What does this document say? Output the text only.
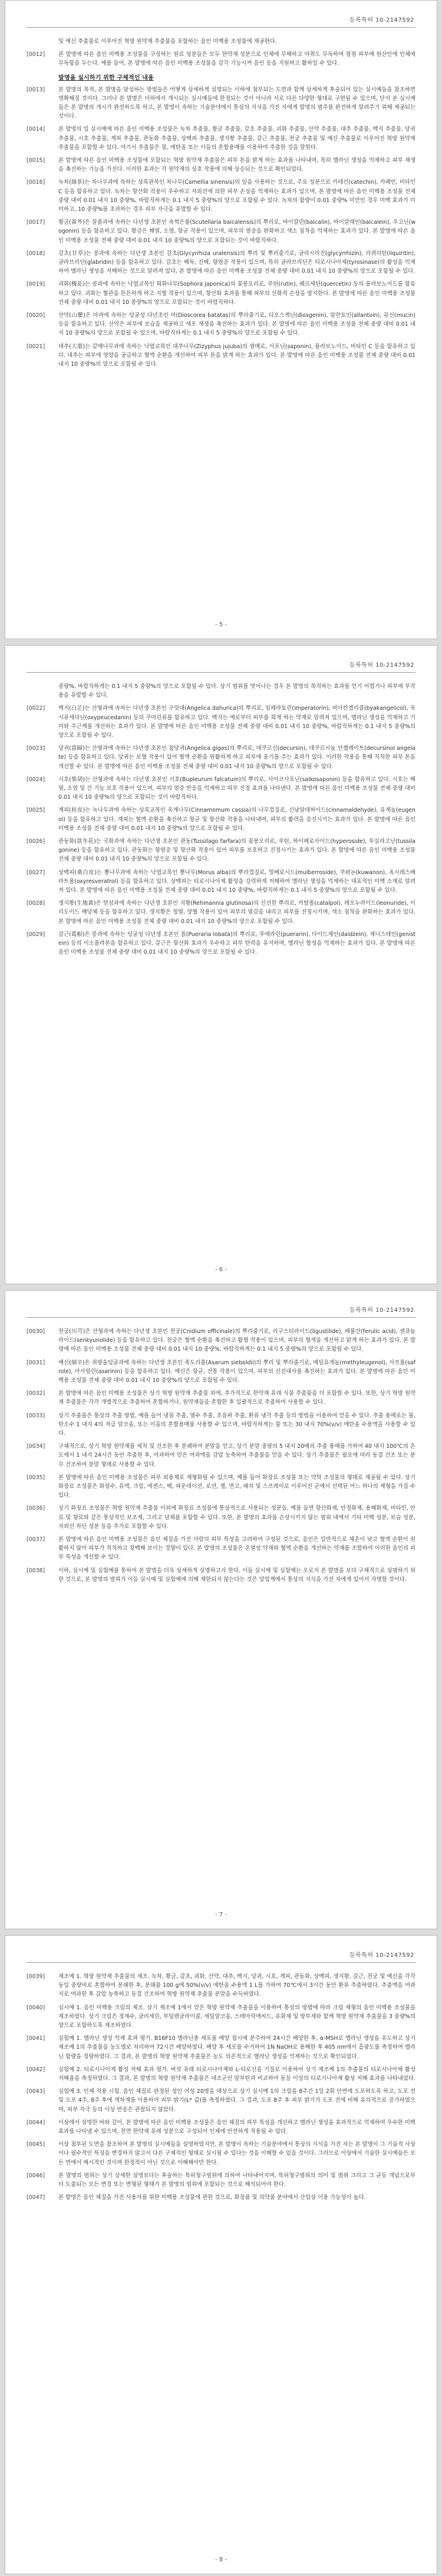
등록특허 10-2147592
및 예신 추출물로 이루어진 혁방 원약재 추출물을 포함하는 음인 미백용 조성물에 제공한다.
[0012] 본 발명에 따른 음인 미백용 조성물을 구성하는 원료 성분들은 모두 한약재 성분으로 인체에 무해하고 마취도 무독하며 점점 피부에 원산인에 인체에 무독함을 두는다. 예를 들어, 본 발명에 따른 음인 미백용 조성물을 감각 기능시켜 음인 등을 지원하고 활하일 수 있다.
발명을 실시하기 위한 구체적인 내용
[0013] 본 발명의 목적, 본 발명을 달성하는 방법들은 어떻게 상세하게 설명되는 이하에 첨부되는 도면과 함께 상세하게 후술되어 있는 실시예들을 참조하면 명확해질 것이다. 그러나 본 발명은 이하에서 개시되는 실시예들에 한정되는 것이 아니라 서로 다른 다양한 형태로 구현될 수 있으며, 단지 본 실시예들은 본 발명의 개시가 완전하도록 하고, 본 발명이 속하는 기술분야에서 통상의 지식을 가진 자에게 발명의 범주를 완전하게 알려주기 위해 제공되는 것이다.
[0014] 본 발명의 일 실시예에 따른 음인 미백용 조성물은 녹차 추출물, 황금 추출물, 감초 추출물, 괴화 추출물, 산약 추출물, 대추 추출물, 백지 추출물, 당귀 추출물, 시호 추출물, 계피 추출물, 관동화 추출물, 상백피 추출물, 생지황 추출물, 갈근 추출물, 천궁 추출물 및 예신 추출물로 이루어진 혁방 원약재 추출물을 포함할 수 있다. 여기서 추출물은 물, 에탄올 또는 이들의 혼합용매를 이용하여 추출한 것을 말한다.
[0015] 본 발명에 따른 음인 미백용 조성물에 포함되는 혁방 원약재 추출물은 피부 톤을 밝게 하는 효과를 나타내며, 특히 멜라닌 생성을 억제하고 피부 재생을 촉진하는 기능을 가진다. 이러한 효과는 각 원약재의 상호 작용에 의해 상승되는 것으로 확인되었다.
[0016] 녹차(綠茶)는 차나무과에 속하는 상록관목인 차나무(Camellia sinensis)의 잎을 사용하는 것으로, 주요 성분으로 카테킨(catechin), 카페인, 비타민 C 등을 함유하고 있다. 녹차는 항산화 작용이 우수하고 자외선에 의한 피부 손상을 억제하는 효과가 있으며, 본 발명에 따른 음인 미백용 조성물 전체 중량 대비 0.01 내지 10 중량%, 바람직하게는 0.1 내지 5 중량%의 양으로 포함될 수 있다. 녹차의 함량이 0.01 중량% 미만인 경우 미백 효과가 미미하고, 10 중량%를 초과하는 경우 피부 자극을 유발할 수 있다.
[0017] 황금(黃芩)은 꿀풀과에 속하는 다년생 초본인 속썩은풀(Scutellaria baicalensis)의 뿌리로, 바이칼린(baicalin), 바이칼레인(baicalein), 우고닌(wogonin) 등을 함유하고 있다. 황금은 해열, 소염, 항균 작용이 있으며, 피부의 염증을 완화하고 색소 침착을 억제하는 효과가 있다. 본 발명에 따른 음인 미백용 조성물 전체 중량 대비 0.01 내지 10 중량%의 양으로 포함되는 것이 바람직하다.
[0018] 감초(甘草)는 콩과에 속하는 다년생 초본인 감초(Glycyrrhiza uralensis)의 뿌리 및 뿌리줄기로, 글리시리진(glycyrrhizin), 리퀴리틴(liquiritin), 글라브리딘(glabridin) 등을 함유하고 있다. 감초는 해독, 진해, 항염증 작용이 있으며, 특히 글라브리딘은 티로시나아제(tyrosinase)의 활성을 억제하여 멜라닌 생성을 저해하는 것으로 알려져 있다. 본 발명에 따른 음인 미백용 조성물 전체 중량 대비 0.01 내지 10 중량%의 양으로 포함될 수 있다.
[0019] 괴화(槐花)는 콩과에 속하는 낙엽교목인 회화나무(Sophora japonica)의 꽃봉오리로, 루틴(rutin), 퀘르세틴(quercetin) 등의 플라보노이드를 함유하고 있다. 괴화는 혈관을 튼튼하게 하고 지혈 작용이 있으며, 항산화 효과를 통해 피부의 산화적 손상을 방지한다. 본 발명에 따른 음인 미백용 조성물 전체 중량 대비 0.01 내지 10 중량%의 양으로 포함되는 것이 바람직하다.
[0020] 산약(山藥)은 마과에 속하는 덩굴성 다년초인 마(Dioscorea batatas)의 뿌리줄기로, 디오스게닌(diosgenin), 알란토인(allantoin), 뮤신(mucin) 등을 함유하고 있다. 산약은 피부에 보습을 제공하고 세포 재생을 촉진하는 효과가 있다. 본 발명에 따른 음인 미백용 조성물 전체 중량 대비 0.01 내지 10 중량%의 양으로 포함될 수 있으며, 바람직하게는 0.1 내지 5 중량%의 양으로 포함될 수 있다.
[0021] 대추(大棗)는 갈매나무과에 속하는 낙엽교목인 대추나무(Zizyphus jujuba)의 열매로, 사포닌(saponin), 플라보노이드, 비타민 C 등을 함유하고 있다. 대추는 피부에 영양을 공급하고 혈액 순환을 개선하여 피부 톤을 밝게 하는 효과가 있다. 본 발명에 따른 음인 미백용 조성물 전체 중량 대비 0.01 내지 10 중량%의 양으로 포함될 수 있다.
- 5 -
등록특허 10-2147592
중량%, 바람직하게는 0.1 내지 5 중량%의 양으로 포함될 수 있다. 상기 범위를 벗어나는 경우 본 발명의 목적하는 효과를 얻기 어렵거나 피부에 부작용을 유발할 수 있다.
[0022] 백지(白芷)는 산형과에 속하는 다년생 초본인 구릿대(Angelica dahurica)의 뿌리로, 임페라토린(imperatorin), 비아칸겔리콜(byakangelicol), 옥시퓨세다닌(oxypeucedanin) 등의 쿠마린류를 함유하고 있다. 백지는 예로부터 피부를 희게 하는 약재로 알려져 있으며, 멜라닌 생성을 억제하고 기미와 주근깨를 개선하는 효과가 있다. 본 발명에 따른 음인 미백용 조성물 전체 중량 대비 0.01 내지 10 중량%, 바람직하게는 0.1 내지 5 중량%의 양으로 포함될 수 있다.
[0023] 당귀(當歸)는 산형과에 속하는 다년생 초본인 참당귀(Angelica gigas)의 뿌리로, 데쿠르신(decursin), 데쿠르시놀 안젤레이트(decursinol angelate) 등을 함유하고 있다. 당귀는 보혈 작용이 있어 혈액 순환을 원활하게 하고 피부에 윤기를 주는 효과가 있다. 이러한 작용을 통해 칙칙한 피부 톤을 개선할 수 있다. 본 발명에 따른 음인 미백용 조성물 전체 중량 대비 0.01 내지 10 중량%의 양으로 포함될 수 있다.
[0024] 시호(柴胡)는 산형과에 속하는 다년생 초본인 시호(Bupleurum falcatum)의 뿌리로, 사이코사포닌(saikosaponin) 등을 함유하고 있다. 시호는 해열, 소염 및 간 기능 보호 작용이 있으며, 피부의 염증 반응을 억제하고 피부 진정 효과를 나타낸다. 본 발명에 따른 음인 미백용 조성물 전체 중량 대비 0.01 내지 10 중량%의 양으로 포함되는 것이 바람직하다.
[0025] 계피(桂皮)는 녹나무과에 속하는 상록교목인 육계나무(Cinnamomum cassia)의 나무껍질로, 신남알데하이드(cinnamaldehyde), 유게놀(eugenol) 등을 함유하고 있다. 계피는 혈액 순환을 촉진하고 항균 및 항산화 작용을 나타내며, 피부의 활력을 증진시키는 효과가 있다. 본 발명에 따른 음인 미백용 조성물 전체 중량 대비 0.01 내지 10 중량%의 양으로 포함될 수 있다.
[0026] 관동화(款冬花)는 국화과에 속하는 다년생 초본인 관동(Tussilago farfara)의 꽃봉오리로, 루틴, 하이페로사이드(hyperoside), 투실라고닌(tussilagonine) 등을 함유하고 있다. 관동화는 항염증 및 항산화 작용이 있어 피부를 보호하고 진정시키는 효과가 있다. 본 발명에 따른 음인 미백용 조성물 전체 중량 대비 0.01 내지 10 중량%의 양으로 포함될 수 있다.
[0027] 상백피(桑白皮)는 뽕나무과에 속하는 낙엽교목인 뽕나무(Morus alba)의 뿌리껍질로, 멀베로시드(mulberroside), 쿠와논(kuwanon), 옥시레스베라트롤(oxyresveratrol) 등을 함유하고 있다. 상백피는 티로시나아제 활성을 강력하게 저해하여 멜라닌 생성을 억제하는 대표적인 미백 소재로 알려져 있다. 본 발명에 따른 음인 미백용 조성물 전체 중량 대비 0.01 내지 10 중량%, 바람직하게는 0.1 내지 5 중량%의 양으로 포함될 수 있다.
[0028] 생지황(生地黃)은 현삼과에 속하는 다년생 초본인 지황(Rehmannia glutinosa)의 신선한 뿌리로, 카탈폴(catalpol), 레오누라이드(leonuride), 이리도이드 배당체 등을 함유하고 있다. 생지황은 청열, 양혈 작용이 있어 피부의 열감을 내리고 피부를 진정시키며, 색소 침착을 완화하는 효과가 있다. 본 발명에 따른 음인 미백용 조성물 전체 중량 대비 0.01 내지 10 중량%의 양으로 포함될 수 있다.
[0029] 갈근(葛根)은 콩과에 속하는 덩굴성 다년생 초본인 칡(Pueraria lobata)의 뿌리로, 푸에라린(puerarin), 다이드제인(daidzein), 제니스테인(genistein) 등의 이소플라본을 함유하고 있다. 갈근은 항산화 효과가 우수하고 피부 탄력을 유지하며, 멜라닌 합성을 억제하는 효과가 있다. 본 발명에 따른 음인 미백용 조성물 전체 중량 대비 0.01 내지 10 중량%의 양으로 포함될 수 있다.
- 6 -
등록특허 10-2147592
[0030] 천궁(川芎)은 산형과에 속하는 다년생 초본인 천궁(Cnidium officinale)의 뿌리줄기로, 리구스티라이드(ligustilide), 페룰산(ferulic acid), 센큐놀라이드(senkyunolide) 등을 함유하고 있다. 천궁은 혈액 순환을 촉진하고 활혈 작용이 있으며, 피부의 혈색을 개선하고 맑게 하는 효과가 있다. 본 발명에 따른 음인 미백용 조성물 전체 중량 대비 0.01 내지 10 중량%, 바람직하게는 0.1 내지 5 중량%의 양으로 포함될 수 있다.
[0031] 예신(細辛)은 쥐방울덩굴과에 속하는 다년생 초본인 족도리풀(Asarum sieboldii)의 뿌리 및 뿌리줄기로, 메틸유게놀(methyleugenol), 사프롤(safrole), 아사릴린(asarinin) 등을 함유하고 있다. 예신은 항균, 진통 작용이 있으며, 피부의 신진대사를 촉진하는 효과가 있다. 본 발명에 따른 음인 미백용 조성물 전체 중량 대비 0.01 내지 10 중량%의 양으로 포함될 수 있다.
[0032] 본 발명에 따른 음인 미백용 조성물은 상기 혁방 원약재 추출물 외에, 추가적으로 한약재 유래 식물 추출물을 더 포함할 수 있다. 또한, 상기 혁방 원약재 추출물은 각각 개별적으로 추출하여 혼합하거나, 원약재들을 혼합한 후 일괄적으로 추출하여 사용할 수 있다.
[0033] 상기 추출물은 통상의 추출 방법, 예를 들어 냉침 추출, 열수 추출, 초음파 추출, 환류 냉각 추출 등의 방법을 이용하여 얻을 수 있다. 추출 용매로는 물, 탄소수 1 내지 4의 저급 알코올, 또는 이들의 혼합용매를 사용할 수 있으며, 바람직하게는 물 또는 30 내지 70%(v/v) 에탄올 수용액을 사용할 수 있다.
[0034] 구체적으로, 상기 혁방 원약재를 세척 및 건조한 후 분쇄하여 분말을 얻고, 상기 분말 중량의 5 내지 20배의 추출 용매를 가하여 40 내지 100℃의 온도에서 1 내지 24시간 동안 추출한 후, 여과하여 얻은 여과액을 감압 농축하여 추출물을 얻을 수 있다. 상기 추출물은 필요에 따라 동결 건조 또는 분무 건조하여 분말 형태로 사용할 수 있다.
[0035] 본 발명에 따른 음인 미백용 조성물은 피부 외용제로 제형화될 수 있으며, 예를 들어 화장료 조성물 또는 약학 조성물의 형태로 제공될 수 있다. 상기 화장료 조성물은 화장수, 유액, 크림, 에센스, 팩, 파운데이션, 로션, 젤, 연고, 패치 및 스프레이로 이루어진 군에서 선택된 어느 하나의 제형을 가질 수 있다.
[0036] 상기 화장료 조성물은 혁방 원약재 추출물 이외에 화장료 조성물에 통상적으로 사용되는 성분들, 예를 들면 항산화제, 안정화제, 용해화제, 비타민, 안료 및 향료와 같은 통상적인 보조제, 그리고 담체를 포함할 수 있다. 또한, 본 발명의 효과를 손상시키지 않는 범위 내에서 기타 미백 성분, 보습 성분, 자외선 차단 성분 등을 추가로 포함할 수 있다.
[0037] 본 발명에 따른 음인 미백용 조성물은 음인 체질을 가진 사람의 피부 특성을 고려하여 구성된 것으로, 음인은 일반적으로 체온이 낮고 혈액 순환이 원활하지 않아 피부가 칙칙하고 창백해 보이는 경향이 있다. 본 발명의 조성물은 온열성 약재와 혈액 순환을 개선하는 약재를 조합하여 이러한 음인의 피부 특성을 개선할 수 있다.
[0038] 이하, 실시예 및 실험예를 통하여 본 발명을 더욱 상세하게 설명하고자 한다. 이들 실시예 및 실험예는 오로지 본 발명을 보다 구체적으로 설명하기 위한 것으로, 본 발명의 범위가 이들 실시예 및 실험예에 의해 제한되지 않는다는 것은 당업계에서 통상의 지식을 가진 자에게 있어서 자명할 것이다.
- 7 -
등록특허 10-2147592
[0039] 제조예 1. 혁방 원약재 추출물의 제조. 녹차, 황금, 감초, 괴화, 산약, 대추, 백지, 당귀, 시호, 계피, 관동화, 상백피, 생지황, 갈근, 천궁 및 예신을 각각 동일 중량비로 혼합하여 분쇄한 후, 분쇄물 100 g에 50%(v/v) 에탄올 수용액 1 L를 가하여 70℃에서 3시간 동안 환류 추출하였다. 추출액을 여과지로 여과한 후 감압 농축하고 동결 건조하여 혁방 원약재 추출물 분말을 수득하였다.
[0040] 실시예 1. 음인 미백용 크림의 제조. 상기 제조예 1에서 얻은 혁방 원약재 추출물을 이용하여 통상의 방법에 따라 크림 제형의 음인 미백용 조성물을 제조하였다. 상기 크림은 정제수, 글리세린, 부틸렌글라이콜, 세틸알코올, 스테아릭애씨드, 유화제 및 방부제와 함께 혁방 원약재 추출물을 3 중량%의 양으로 포함하도록 제조하였다.
[0041] 실험예 1. 멜라닌 생성 억제 효과 평가. B16F10 멜라닌종 세포를 배양 접시에 분주하여 24시간 배양한 후, α-MSH로 멜라닌 생성을 유도하고 상기 제조예 1의 추출물을 농도별로 처리하여 72시간 배양하였다. 배양 후 세포를 수거하여 1N NaOH로 용해한 후 405 nm에서 흡광도를 측정하여 멜라닌 함량을 정량하였다. 그 결과, 본 발명의 혁방 원약재 추출물은 농도 의존적으로 멜라닌 생성을 억제하는 것으로 확인되었다.
[0042] 실험예 2. 티로시나아제 활성 저해 효과 평가. 버섯 유래 티로시나아제와 L-티로신을 기질로 이용하여 상기 제조예 1의 추출물의 티로시나아제 활성 저해율을 측정하였다. 그 결과, 본 발명의 혁방 원약재 추출물은 대조군인 알부틴과 비교하여 동등 이상의 티로시나아제 활성 저해 효과를 나타내었다.
[0043] 실험예 3. 인체 적용 시험. 음인 체질로 판정된 성인 여성 20명을 대상으로 상기 실시예 1의 크림을 8주간 1일 2회 안면에 도포하도록 하고, 도포 전 및 도포 4주, 8주 후에 색차계를 이용하여 피부 밝기(L* 값)를 측정하였다. 그 결과, 도포 8주 후 피부 밝기가 도포 전에 비해 유의적으로 증가하였으며, 피부 자극 등의 이상 반응은 관찰되지 않았다.
[0044] 이상에서 설명한 바와 같이, 본 발명에 따른 음인 미백용 조성물은 음인 체질의 피부 특성을 개선하고 멜라닌 생성을 효과적으로 억제하여 우수한 미백 효과를 나타낼 수 있으며, 천연 한약재 유래 성분으로 구성되어 인체에 안전하게 적용될 수 있다.
[0045] 이상 첨부된 도면을 참조하여 본 발명의 실시예들을 설명하였지만, 본 발명이 속하는 기술분야에서 통상의 지식을 가진 자는 본 발명이 그 기술적 사상이나 필수적인 특징을 변경하지 않고서 다른 구체적인 형태로 실시될 수 있다는 것을 이해할 수 있을 것이다. 그러므로 이상에서 기술한 실시예들은 모든 면에서 예시적인 것이며 한정적이 아닌 것으로 이해해야만 한다.
[0046] 본 발명의 범위는 상기 상세한 설명보다는 후술하는 특허청구범위에 의하여 나타내어지며, 특허청구범위의 의미 및 범위 그리고 그 균등 개념으로부터 도출되는 모든 변경 또는 변형된 형태가 본 발명의 범위에 포함되는 것으로 해석되어야 한다.
[0047] 본 발명은 음인 체질을 가진 사용자를 위한 미백용 조성물에 관한 것으로, 화장품 및 의약품 분야에서 산업상 이용 가능성이 높다.
- 8 -
